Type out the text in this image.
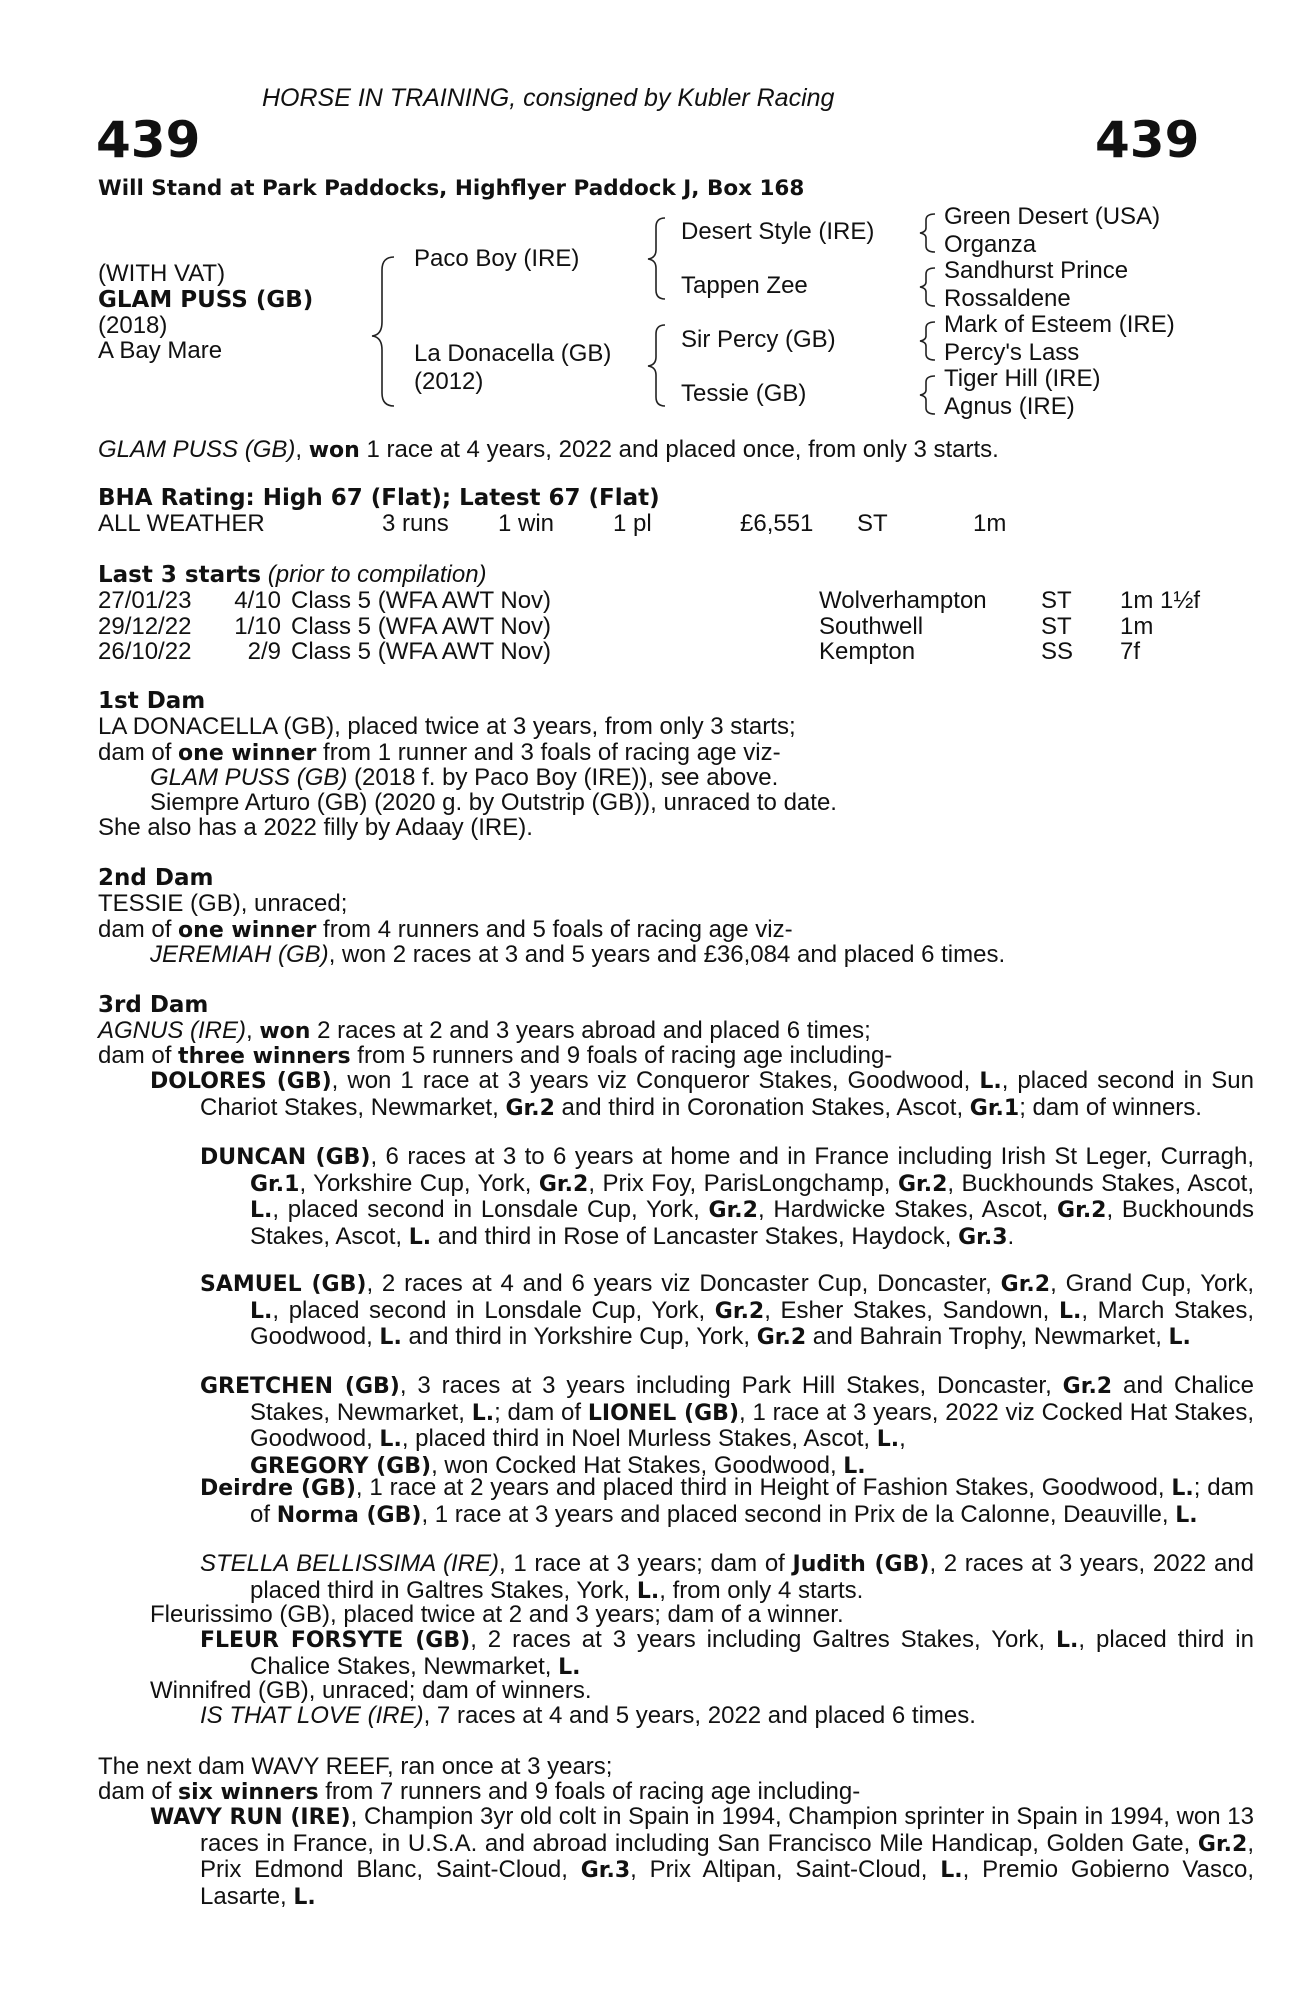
HORSE IN TRAINING, consigned by Kubler Racing
439	439
Will Stand at Park Paddocks, Highflyer Paddock J, Box 168
(WITH VAT)
GLAM PUSS (GB)
(2018)
A Bay Mare
Paco Boy (IRE)
La Donacella (GB)
(2012)
Desert Style (IRE)
Tappen Zee
Sir Percy (GB)
Tessie (GB)
Green Desert (USA)
Organza
Sandhurst Prince
Rossaldene
Mark of Esteem (IRE)
Percy's Lass
Tiger Hill (IRE)
Agnus (IRE)
GLAM PUSS (GB), won 1 race at 4 years, 2022 and placed once, from only 3 starts.
BHA Rating: High 67 (Flat); Latest 67 (Flat)
ALL WEATHER	3 runs 1 win 1 pl	£6,551 ST	1m
Last 3 starts (prior to compilation)
27/01/23 4/10 Class 5 (WFA AWT Nov)	Wolverhampton ST 1m 1½f
29/12/22 1/10 Class 5 (WFA AWT Nov)	Southwell	ST 1m
26/10/22 2/9 Class 5 (WFA AWT Nov)	Kempton	SS 7f
1st Dam
LA DONACELLA (GB), placed twice at 3 years, from only 3 starts;
dam of one winner from 1 runner and 3 foals of racing age viz-
GLAM PUSS (GB) (2018 f. by Paco Boy (IRE)), see above.
Siempre Arturo (GB) (2020 g. by Outstrip (GB)), unraced to date.
She also has a 2022 filly by Adaay (IRE).
2nd Dam
TESSIE (GB), unraced;
dam of one winner from 4 runners and 5 foals of racing age viz-
JEREMIAH (GB), won 2 races at 3 and 5 years and £36,084 and placed 6 times.
3rd Dam
AGNUS (IRE), won 2 races at 2 and 3 years abroad and placed 6 times;
dam of three winners from 5 runners and 9 foals of racing age including-
DOLORES (GB), won 1 race at 3 years viz Conqueror Stakes, Goodwood, L., placed second in Sun Chariot Stakes, Newmarket, Gr.2 and third in Coronation Stakes, Ascot, Gr.1; dam of winners.
DUNCAN (GB), 6 races at 3 to 6 years at home and in France including Irish St Leger, Curragh, Gr.1, Yorkshire Cup, York, Gr.2, Prix Foy, ParisLongchamp, Gr.2, Buckhounds Stakes, Ascot, L., placed second in Lonsdale Cup, York, Gr.2, Hardwicke Stakes, Ascot, Gr.2, Buckhounds Stakes, Ascot, L. and third in Rose of Lancaster Stakes, Haydock, Gr.3.
SAMUEL (GB), 2 races at 4 and 6 years viz Doncaster Cup, Doncaster, Gr.2, Grand Cup, York, L., placed second in Lonsdale Cup, York, Gr.2, Esher Stakes, Sandown, L., March Stakes, Goodwood, L. and third in Yorkshire Cup, York, Gr.2 and Bahrain Trophy, Newmarket, L.
GRETCHEN (GB), 3 races at 3 years including Park Hill Stakes, Doncaster, Gr.2 and Chalice Stakes, Newmarket, L.; dam of LIONEL (GB), 1 race at 3 years, 2022 viz Cocked Hat Stakes, Goodwood, L., placed third in Noel Murless Stakes, Ascot, L.,
GREGORY (GB), won Cocked Hat Stakes, Goodwood, L.
Deirdre (GB), 1 race at 2 years and placed third in Height of Fashion Stakes, Goodwood, L.; dam of Norma (GB), 1 race at 3 years and placed second in Prix de la Calonne, Deauville, L.
STELLA BELLISSIMA (IRE), 1 race at 3 years; dam of Judith (GB), 2 races at 3 years, 2022 and placed third in Galtres Stakes, York, L., from only 4 starts.
Fleurissimo (GB), placed twice at 2 and 3 years; dam of a winner.
FLEUR FORSYTE (GB), 2 races at 3 years including Galtres Stakes, York, L., placed third in Chalice Stakes, Newmarket, L.
Winnifred (GB), unraced; dam of winners.
IS THAT LOVE (IRE), 7 races at 4 and 5 years, 2022 and placed 6 times.
The next dam WAVY REEF, ran once at 3 years;
dam of six winners from 7 runners and 9 foals of racing age including-
WAVY RUN (IRE), Champion 3yr old colt in Spain in 1994, Champion sprinter in Spain in 1994, won 13 races in France, in U.S.A. and abroad including San Francisco Mile Handicap, Golden Gate, Gr.2, Prix Edmond Blanc, Saint-Cloud, Gr.3, Prix Altipan, Saint-Cloud, L., Premio Gobierno Vasco, Lasarte, L.
